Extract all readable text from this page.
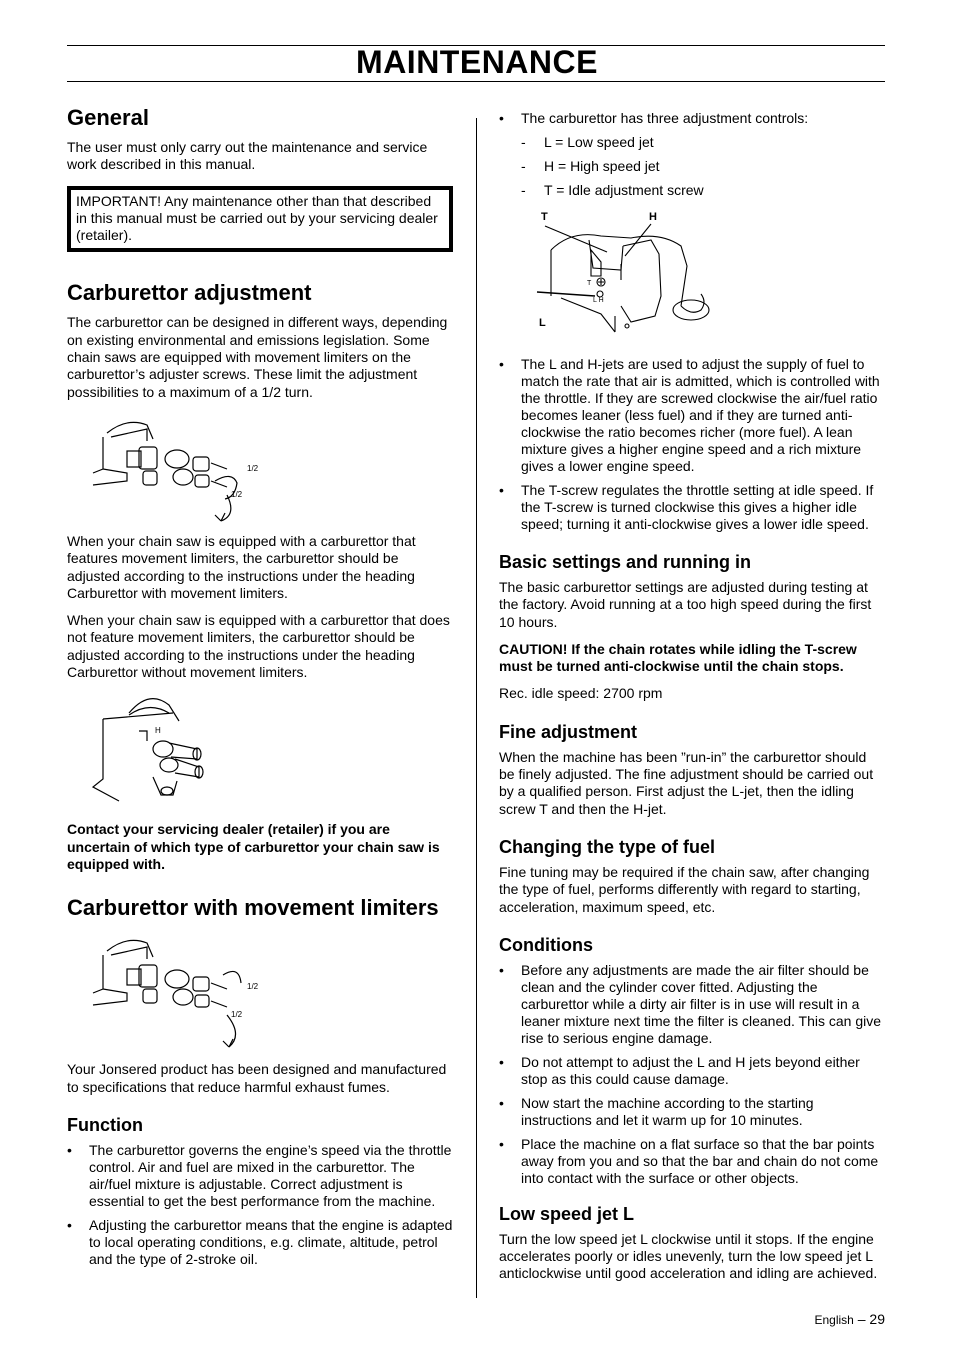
MAINTENANCE
General

The user must only carry out the maintenance and service work described in this manual.

IMPORTANT! Any maintenance other than that described in this manual must be carried out by your servicing dealer (retailer).

Carburettor adjustment

The carburettor can be designed in different ways, depending on existing environmental and emissions legislation. Some chain saws are equipped with movement limiters on the carburettor’s adjuster screws. These limit the adjustment possibilities to a maximum of a 1/2 turn.

1/2
1/2

When your chain saw is equipped with a carburettor that features movement limiters, the carburettor should be adjusted according to the instructions under the heading Carburettor with movement limiters.

When your chain saw is equipped with a carburettor that does not feature movement limiters, the carburettor should be adjusted according to the instructions under the heading Carburettor without movement limiters.

H

Contact your servicing dealer (retailer) if you are uncertain of which type of carburettor your chain saw is equipped with.

Carburettor with movement limiters
1/2
1/2

Your Jonsered product has been designed and manufactured to specifications that reduce harmful exhaust fumes.

Function
• The carburettor governs the engine’s speed via the throttle control. Air and fuel are mixed in the carburettor. The air/fuel mixture is adjustable. Correct adjustment is essential to get the best performance from the machine.
• Adjusting the carburettor means that the engine is adapted to local operating conditions, e.g. climate, altitude, petrol and the type of 2-stroke oil.
• The carburettor has three adjustment controls:
- L = Low speed jet
- H = High speed jet
- T = Idle adjustment screw
T	H
L
T
L H
• The L and H-jets are used to adjust the supply of fuel to match the rate that air is admitted, which is controlled with the throttle. If they are screwed clockwise the air/fuel ratio becomes leaner (less fuel) and if they are turned anti-clockwise the ratio becomes richer (more fuel). A lean mixture gives a higher engine speed and a rich mixture gives a lower engine speed.
• The T-screw regulates the throttle setting at idle speed. If the T-screw is turned clockwise this gives a higher idle speed; turning it anti-clockwise gives a lower idle speed.
Basic settings and running in

The basic carburettor settings are adjusted during testing at the factory. Avoid running at a too high speed during the first 10 hours.

CAUTION! If the chain rotates while idling the T-screw must be turned anti-clockwise until the chain stops.

Rec. idle speed: 2700 rpm

Fine adjustment

When the machine has been ”run-in” the carburettor should be finely adjusted. The fine adjustment should be carried out by a qualified person. First adjust the L-jet, then the idling screw T and then the H-jet.

Changing the type of fuel

Fine tuning may be required if the chain saw, after changing the type of fuel, performs differently with regard to starting, acceleration, maximum speed, etc.

Conditions
• Before any adjustments are made the air filter should be clean and the cylinder cover fitted. Adjusting the carburettor while a dirty air filter is in use will result in a leaner mixture next time the filter is cleaned. This can give rise to serious engine damage.
• Do not attempt to adjust the L and H jets beyond either stop as this could cause damage.
• Now start the machine according to the starting instructions and let it warm up for 10 minutes.
• Place the machine on a flat surface so that the bar points away from you and so that the bar and chain do not come into contact with the surface or other objects.
Low speed jet L

Turn the low speed jet L clockwise until it stops. If the engine accelerates poorly or idles unevenly, turn the low speed jet L anticlockwise until good acceleration and idling are achieved.

English – 29
